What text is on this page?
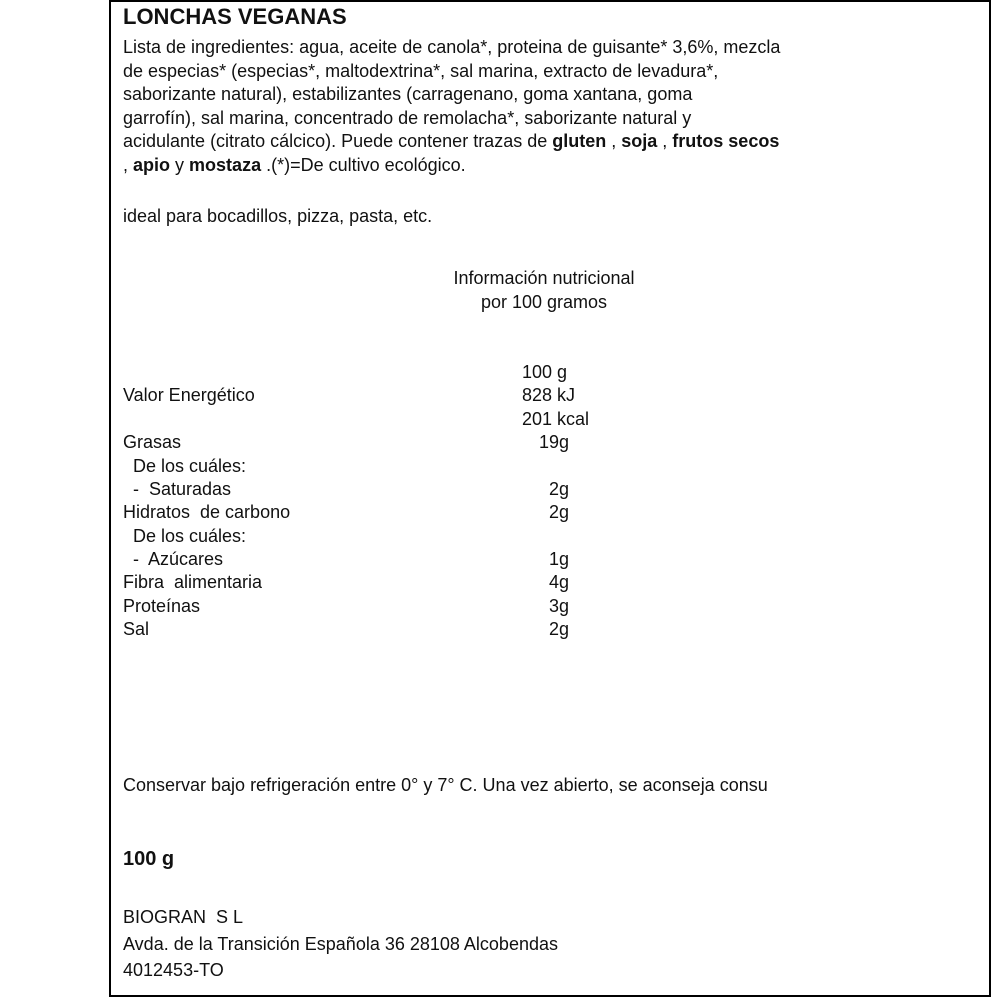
LONCHAS VEGANAS
Lista de ingredientes: agua, aceite de canola*, proteina de guisante* 3,6%, mezcla
de especias* (especias*, maltodextrina*, sal marina, extracto de levadura*,
saborizante natural), estabilizantes (carragenano, goma xantana, goma
garrofín), sal marina, concentrado de remolacha*, saborizante natural y
acidulante (citrato cálcico). Puede contener trazas de gluten , soja , frutos secos
, apio y mostaza .(*)=De cultivo ecológico.
ideal para bocadillos, pizza, pasta, etc.
Información nutricional
por 100 gramos
100 g
Valor Energético	828 kJ
201 kcal
Grasas	19g
De los cuáles:
-  Saturadas	2g
Hidratos  de carbono	2g
De los cuáles:
-  Azúcares	1g
Fibra  alimentaria	4g
Proteínas	3g
Sal	2g
Conservar bajo refrigeración entre 0° y 7° C. Una vez abierto, se aconseja consu
100 g
BIOGRAN  S L
Avda. de la Transición Española 36 28108 Alcobendas
4012453-TO
